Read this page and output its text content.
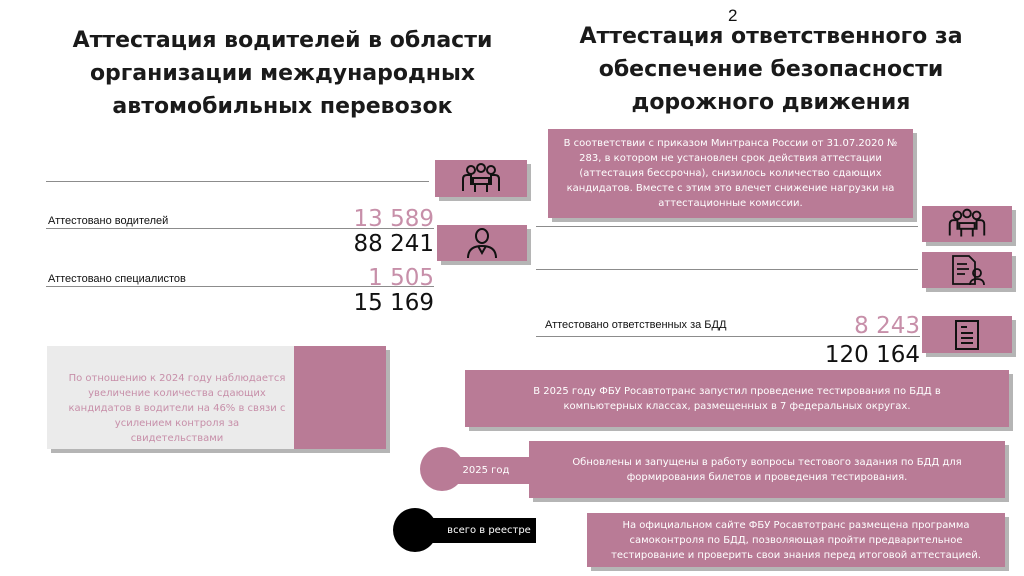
2
Аттестация водителей в области организации международных автомобильных перевозок
Аттестовано водителей	13 589
88 241
Аттестовано специалистов	1 505
15 169

По отношению к 2024 году наблюдается увеличение количества сдающих кандидатов в водители на 46% в связи с усилением контроля за свидетельствами

2025 год
всего в реестре
Аттестация ответственного за обеспечение безопасности дорожного движения

В соответствии с приказом Минтранса России от 31.07.2020 № 283, в котором не установлен срок действия аттестации (аттестация бессрочна), снизилось количество сдающих кандидатов. Вместе с этим это влечет снижение нагрузки на аттестационные комиссии.

Аттестовано ответственных за БДД	8 243
120 164

В 2025 году ФБУ Росавтотранс запустил проведение тестирования по БДД в компьютерных классах, размещенных в 7 федеральных округах.

Обновлены и запущены в работу вопросы тестового задания по БДД для формирования билетов и проведения тестирования.

На официальном сайте ФБУ Росавтотранс размещена программа самоконтроля по БДД, позволяющая пройти предварительное тестирование и проверить свои знания перед итоговой аттестацией.
